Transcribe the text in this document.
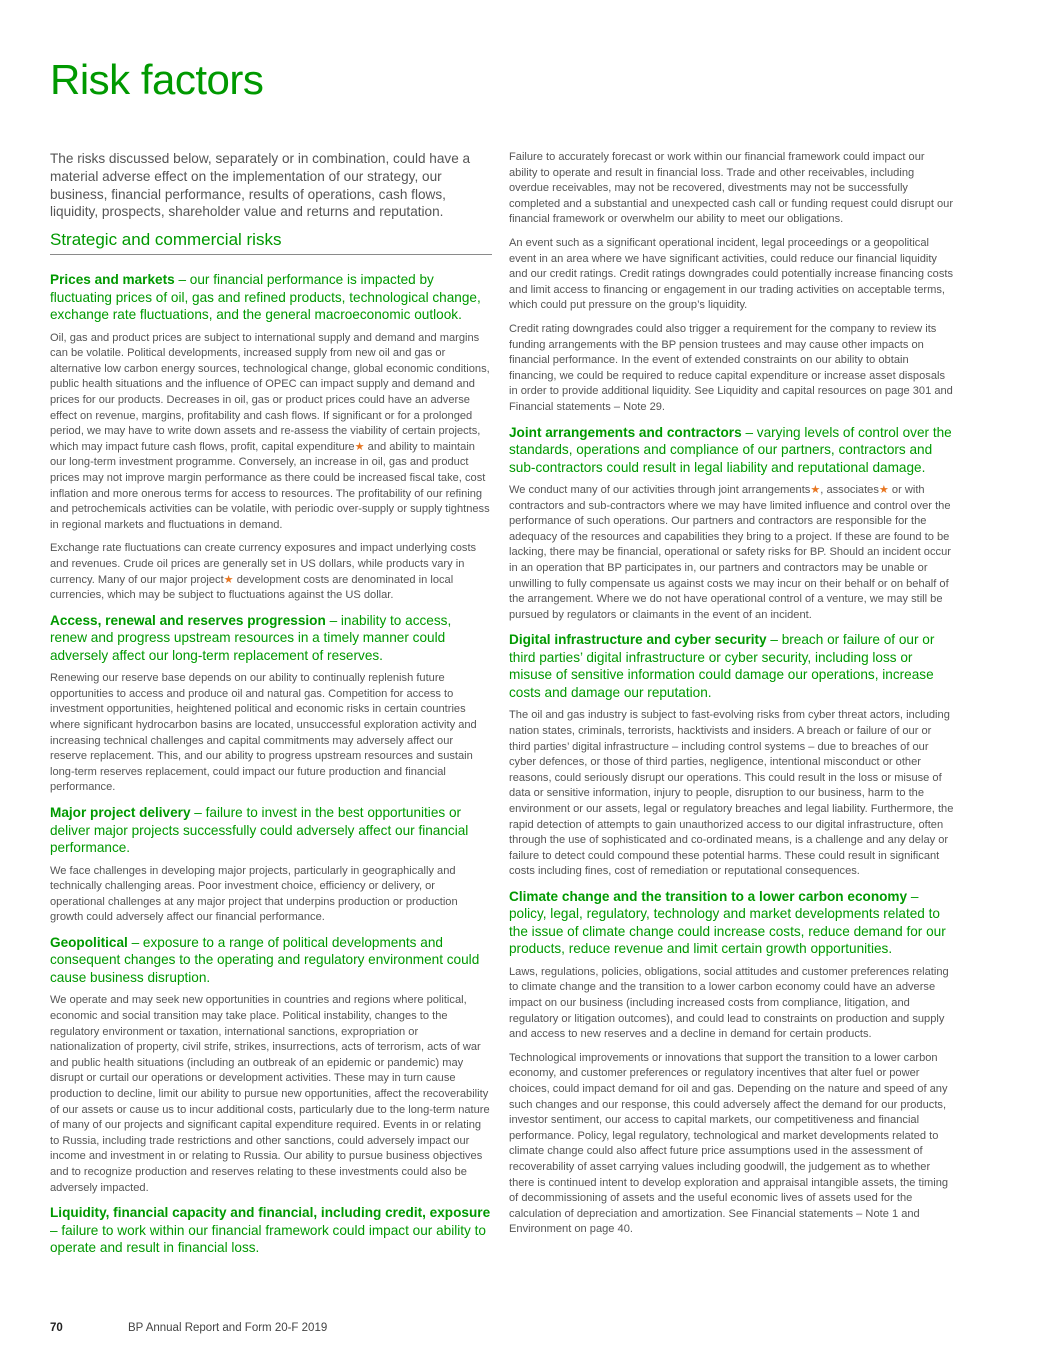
Risk factors

The risks discussed below, separately or in combination, could have a material adverse effect on the implementation of our strategy, our business, financial performance, results of operations, cash flows, liquidity, prospects, shareholder value and returns and reputation.

Strategic and commercial risks

Prices and markets – our financial performance is impacted by fluctuating prices of oil, gas and refined products, technological change, exchange rate fluctuations, and the general macroeconomic outlook.

Oil, gas and product prices are subject to international supply and demand and margins can be volatile. Political developments, increased supply from new oil and gas or alternative low carbon energy sources, technological change, global economic conditions, public health situations and the influence of OPEC can impact supply and demand and prices for our products. Decreases in oil, gas or product prices could have an adverse effect on revenue, margins, profitability and cash flows. If significant or for a prolonged period, we may have to write down assets and re-assess the viability of certain projects, which may impact future cash flows, profit, capital expenditure★ and ability to maintain our long-term investment programme. Conversely, an increase in oil, gas and product prices may not improve margin performance as there could be increased fiscal take, cost inflation and more onerous terms for access to resources. The profitability of our refining and petrochemicals activities can be volatile, with periodic over-supply or supply tightness in regional markets and fluctuations in demand.

Exchange rate fluctuations can create currency exposures and impact underlying costs and revenues. Crude oil prices are generally set in US dollars, while products vary in currency. Many of our major project★ development costs are denominated in local currencies, which may be subject to fluctuations against the US dollar.

Access, renewal and reserves progression – inability to access, renew and progress upstream resources in a timely manner could adversely affect our long-term replacement of reserves.

Renewing our reserve base depends on our ability to continually replenish future opportunities to access and produce oil and natural gas. Competition for access to investment opportunities, heightened political and economic risks in certain countries where significant hydrocarbon basins are located, unsuccessful exploration activity and increasing technical challenges and capital commitments may adversely affect our reserve replacement. This, and our ability to progress upstream resources and sustain long-term reserves replacement, could impact our future production and financial performance.

Major project delivery – failure to invest in the best opportunities or deliver major projects successfully could adversely affect our financial performance.

We face challenges in developing major projects, particularly in geographically and technically challenging areas. Poor investment choice, efficiency or delivery, or operational challenges at any major project that underpins production or production growth could adversely affect our financial performance.

Geopolitical – exposure to a range of political developments and consequent changes to the operating and regulatory environment could cause business disruption.

We operate and may seek new opportunities in countries and regions where political, economic and social transition may take place. Political instability, changes to the regulatory environment or taxation, international sanctions, expropriation or nationalization of property, civil strife, strikes, insurrections, acts of terrorism, acts of war and public health situations (including an outbreak of an epidemic or pandemic) may disrupt or curtail our operations or development activities. These may in turn cause production to decline, limit our ability to pursue new opportunities, affect the recoverability of our assets or cause us to incur additional costs, particularly due to the long-term nature of many of our projects and significant capital expenditure required. Events in or relating to Russia, including trade restrictions and other sanctions, could adversely impact our income and investment in or relating to Russia. Our ability to pursue business objectives and to recognize production and reserves relating to these investments could also be adversely impacted.

Liquidity, financial capacity and financial, including credit, exposure – failure to work within our financial framework could impact our ability to operate and result in financial loss.

Failure to accurately forecast or work within our financial framework could impact our ability to operate and result in financial loss. Trade and other receivables, including overdue receivables, may not be recovered, divestments may not be successfully completed and a substantial and unexpected cash call or funding request could disrupt our financial framework or overwhelm our ability to meet our obligations.

An event such as a significant operational incident, legal proceedings or a geopolitical event in an area where we have significant activities, could reduce our financial liquidity and our credit ratings. Credit ratings downgrades could potentially increase financing costs and limit access to financing or engagement in our trading activities on acceptable terms, which could put pressure on the group’s liquidity.

Credit rating downgrades could also trigger a requirement for the company to review its funding arrangements with the BP pension trustees and may cause other impacts on financial performance. In the event of extended constraints on our ability to obtain financing, we could be required to reduce capital expenditure or increase asset disposals in order to provide additional liquidity. See Liquidity and capital resources on page 301 and Financial statements – Note 29.

Joint arrangements and contractors – varying levels of control over the standards, operations and compliance of our partners, contractors and sub-contractors could result in legal liability and reputational damage.

We conduct many of our activities through joint arrangements★, associates★ or with contractors and sub-contractors where we may have limited influence and control over the performance of such operations. Our partners and contractors are responsible for the adequacy of the resources and capabilities they bring to a project. If these are found to be lacking, there may be financial, operational or safety risks for BP. Should an incident occur in an operation that BP participates in, our partners and contractors may be unable or unwilling to fully compensate us against costs we may incur on their behalf or on behalf of the arrangement. Where we do not have operational control of a venture, we may still be pursued by regulators or claimants in the event of an incident.

Digital infrastructure and cyber security – breach or failure of our or third parties’ digital infrastructure or cyber security, including loss or misuse of sensitive information could damage our operations, increase costs and damage our reputation.

The oil and gas industry is subject to fast-evolving risks from cyber threat actors, including nation states, criminals, terrorists, hacktivists and insiders. A breach or failure of our or third parties’ digital infrastructure – including control systems – due to breaches of our cyber defences, or those of third parties, negligence, intentional misconduct or other reasons, could seriously disrupt our operations. This could result in the loss or misuse of data or sensitive information, injury to people, disruption to our business, harm to the environment or our assets, legal or regulatory breaches and legal liability. Furthermore, the rapid detection of attempts to gain unauthorized access to our digital infrastructure, often through the use of sophisticated and co-ordinated means, is a challenge and any delay or failure to detect could compound these potential harms. These could result in significant costs including fines, cost of remediation or reputational consequences.

Climate change and the transition to a lower carbon economy – policy, legal, regulatory, technology and market developments related to the issue of climate change could increase costs, reduce demand for our products, reduce revenue and limit certain growth opportunities.

Laws, regulations, policies, obligations, social attitudes and customer preferences relating to climate change and the transition to a lower carbon economy could have an adverse impact on our business (including increased costs from compliance, litigation, and regulatory or litigation outcomes), and could lead to constraints on production and supply and access to new reserves and a decline in demand for certain products.

Technological improvements or innovations that support the transition to a lower carbon economy, and customer preferences or regulatory incentives that alter fuel or power choices, could impact demand for oil and gas. Depending on the nature and speed of any such changes and our response, this could adversely affect the demand for our products, investor sentiment, our access to capital markets, our competitiveness and financial performance. Policy, legal regulatory, technological and market developments related to climate change could also affect future price assumptions used in the assessment of recoverability of asset carrying values including goodwill, the judgement as to whether there is continued intent to develop exploration and appraisal intangible assets, the timing of decommissioning of assets and the useful economic lives of assets used for the calculation of depreciation and amortization. See Financial statements – Note 1 and Environment on page 40.

70	BP Annual Report and Form 20-F 2019
